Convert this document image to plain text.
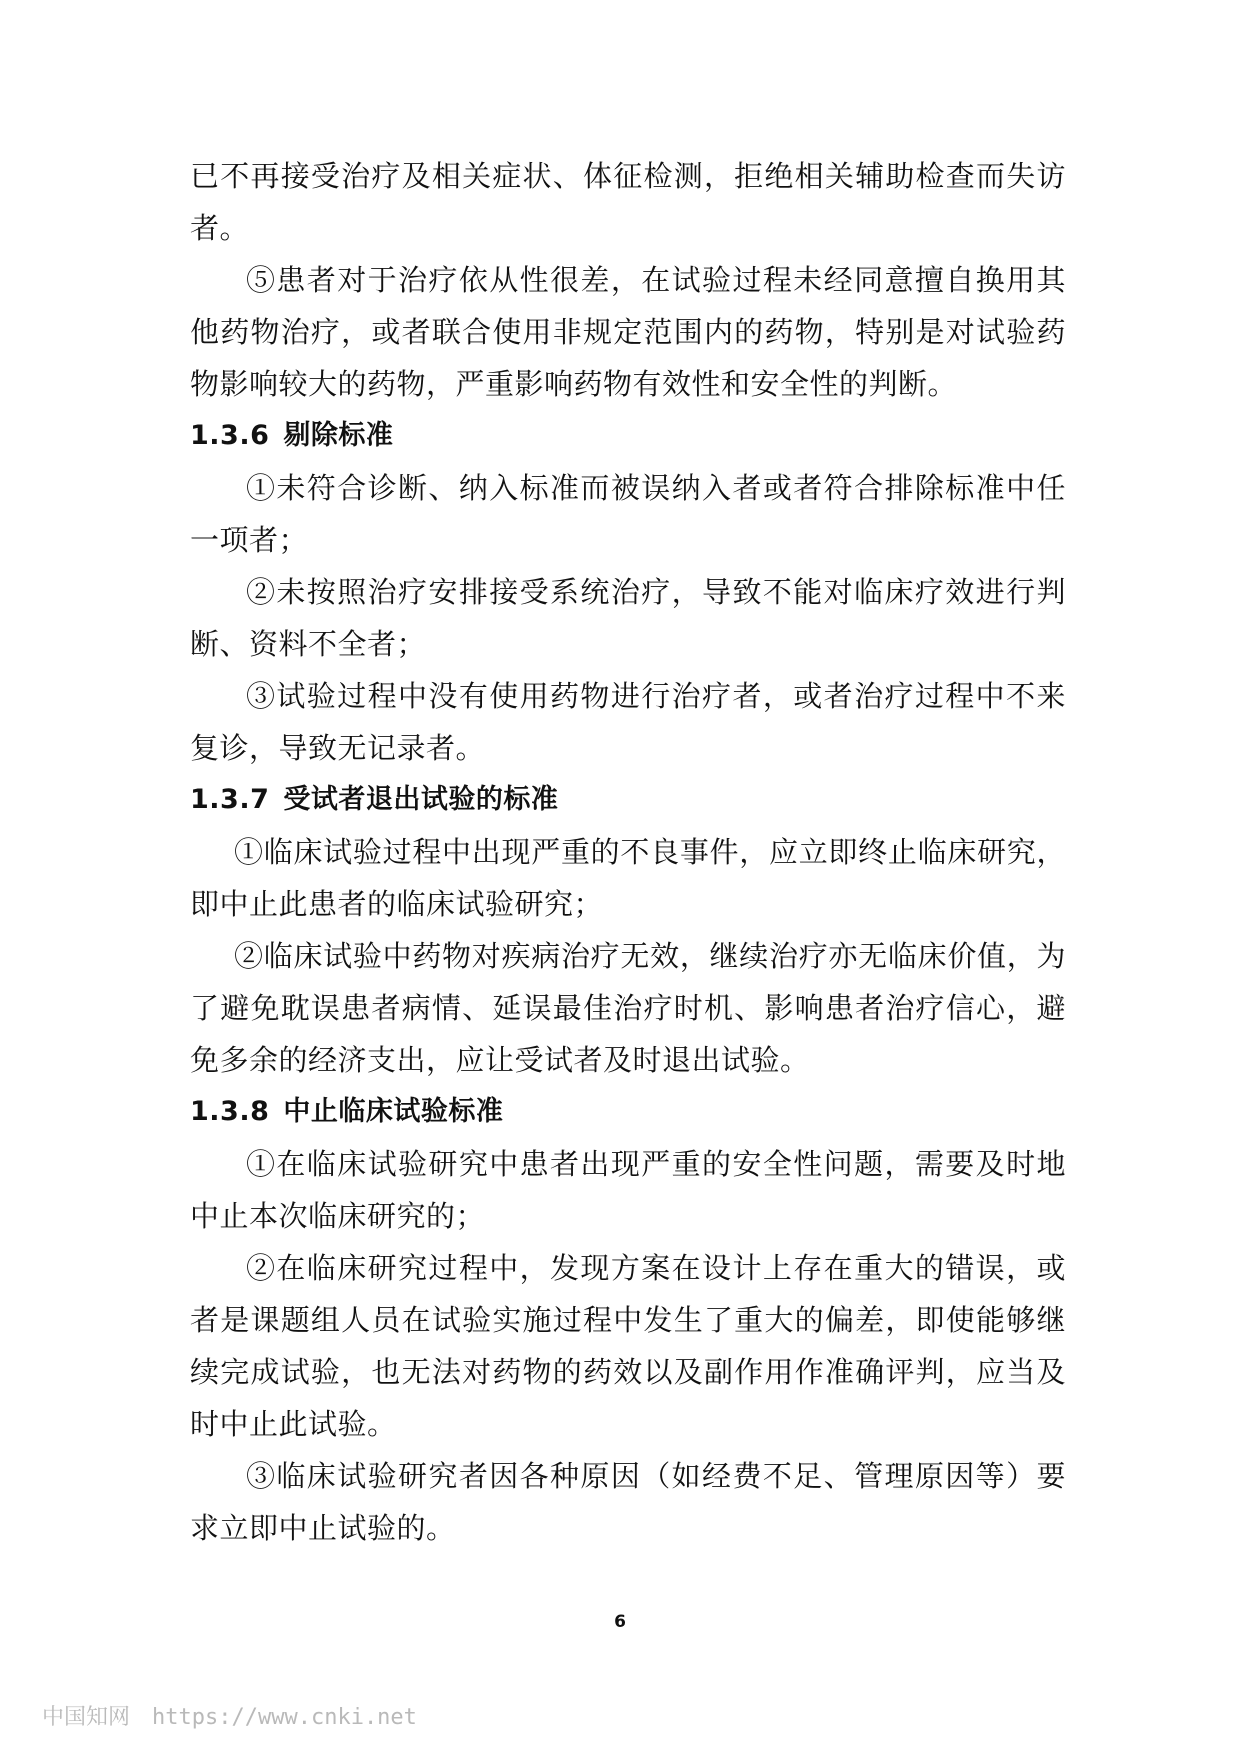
已不再接受治疗及相关症状、体征检测，拒绝相关辅助检查而失访者。

⑤患者对于治疗依从性很差，在试验过程未经同意擅自换用其他药物治疗，或者联合使用非规定范围内的药物，特别是对试验药物影响较大的药物，严重影响药物有效性和安全性的判断。

1.3.6 剔除标准

①未符合诊断、纳入标准而被误纳入者或者符合排除标准中任一项者；

②未按照治疗安排接受系统治疗，导致不能对临床疗效进行判断、资料不全者；

③试验过程中没有使用药物进行治疗者，或者治疗过程中不来复诊，导致无记录者。

1.3.7 受试者退出试验的标准

①临床试验过程中出现严重的不良事件，应立即终止临床研究，即中止此患者的临床试验研究；

②临床试验中药物对疾病治疗无效，继续治疗亦无临床价值，为了避免耽误患者病情、延误最佳治疗时机、影响患者治疗信心，避免多余的经济支出，应让受试者及时退出试验。

1.3.8 中止临床试验标准

①在临床试验研究中患者出现严重的安全性问题，需要及时地中止本次临床研究的；

②在临床研究过程中，发现方案在设计上存在重大的错误，或者是课题组人员在试验实施过程中发生了重大的偏差，即使能够继续完成试验，也无法对药物的药效以及副作用作准确评判，应当及时中止此试验。

③临床试验研究者因各种原因（如经费不足、管理原因等）要求立即中止试验的。

6
中国知网 https://www.cnki.net
